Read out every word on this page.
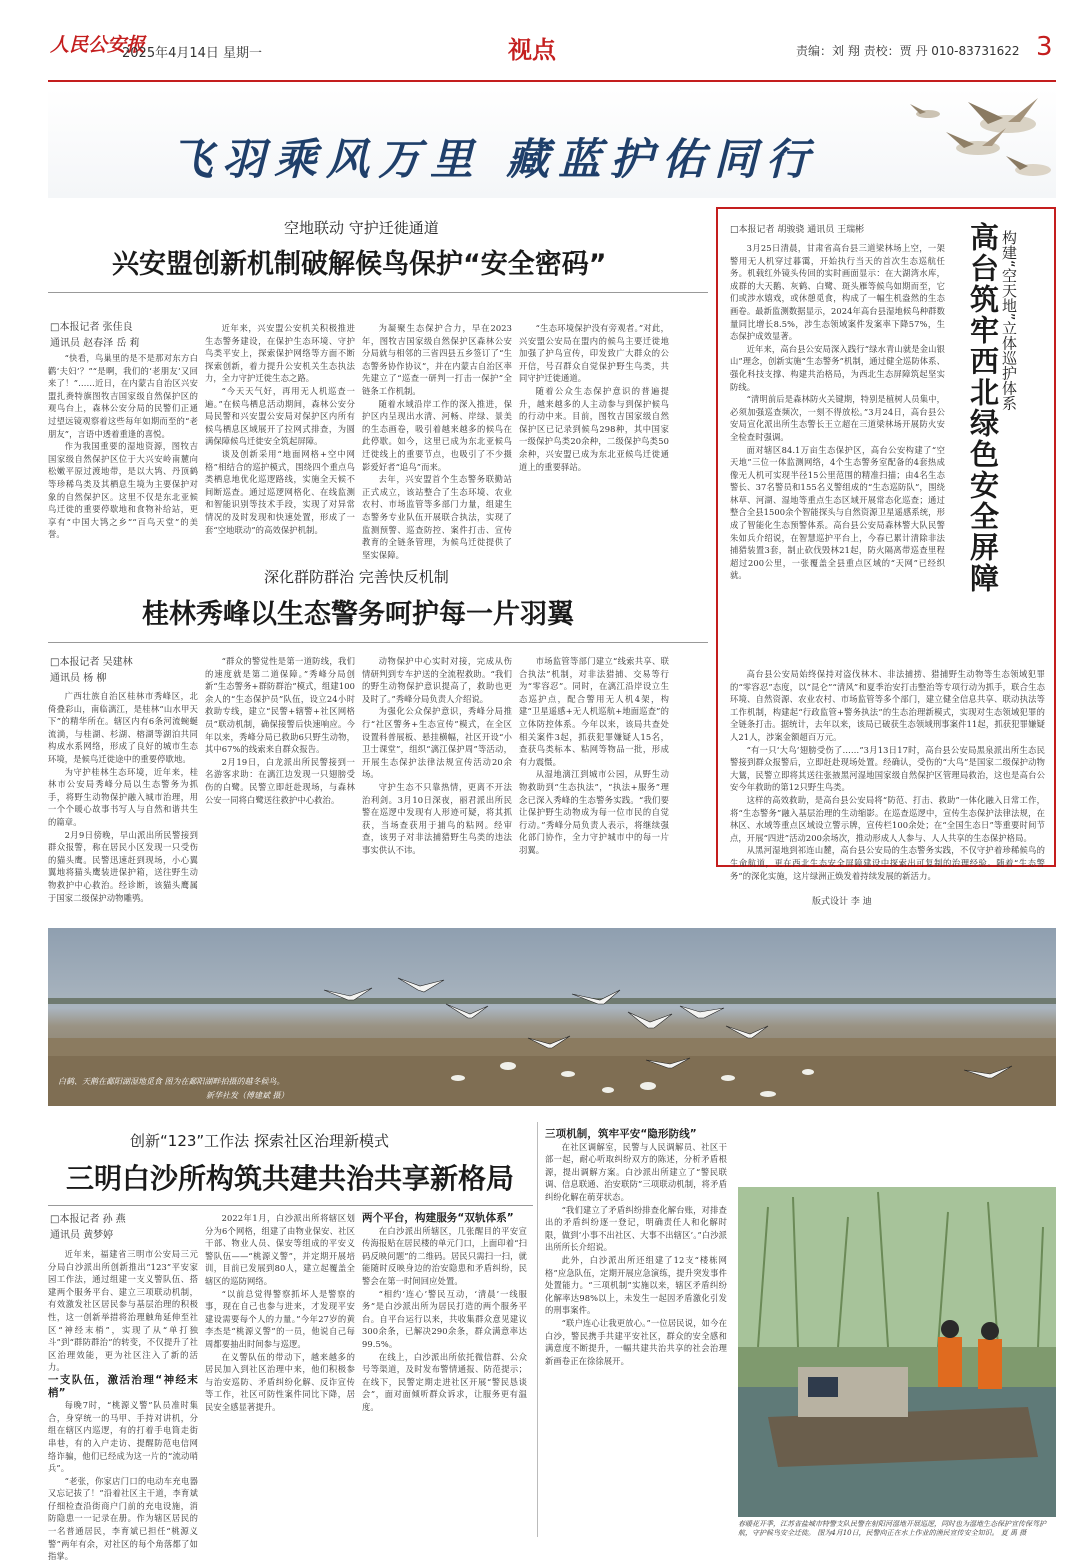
人民公安报
2025年4月14日 星期一	视点	责编：刘 翔 责校：贾 丹 010-83731622 3
飞羽乘风万里 藏蓝护佑同行
空地联动 守护迁徙通道
兴安盟创新机制破解候鸟保护“安全密码”
□本报记者 张佳良
通讯员 赵春泽 岳 莉

“快看，鸟巢里的是不是那对东方白鹳‘夫妇’？”“是啊，我们的‘老朋友’又回来了！”……近日，在内蒙古自治区兴安盟扎赉特旗图牧吉国家级自然保护区的观鸟台上，森林公安分局的民警们正通过望远镜观察着这些每年如期而至的“老朋友”，言语中透着重逢的喜悦。

作为我国重要的湿地资源，图牧吉国家级自然保护区位于大兴安岭南麓向松嫩平原过渡地带，是以大鸨、丹顶鹤等珍稀鸟类及其栖息生境为主要保护对象的自然保护区。这里不仅是东北亚候鸟迁徙的重要停歇地和食物补给站，更享有“中国大鸨之乡”“百鸟天堂”的美誉。

近年来，兴安盟公安机关积极推进生态警务建设，在保护生态环境、守护鸟类平安上，探索保护网络等方面不断探索创新，着力提升公安机关生态执法力，全力守护迁徙生态之路。

“今天天气好，再用无人机巡查一遍。”在候鸟栖息活动期间，森林公安分局民警和兴安盟公安局对保护区内所有候鸟栖息区域展开了拉网式排查，为圆满保障候鸟迁徙安全筑起屏障。

谈及创新采用“地面网格+空中网格”相结合的巡护模式，围绕四个重点鸟类栖息地优化巡逻路线，实施全天候不间断巡查。通过巡逻网格化、在线监测和智能识别等技术手段，实现了对异常情况的及时发现和快速处置，形成了一套“空地联动”的高效保护机制。

为凝聚生态保护合力，早在2023年，图牧吉国家级自然保护区森林公安分局就与相邻的三省四县五乡签订了“生态警务协作协议”，并在内蒙古自治区率先建立了“巡查一研判一打击一保护”全链条工作机制。

随着水域沿岸工作的深入推进，保护区内呈现出水清、河畅、岸绿、景美的生态画卷，吸引着越来越多的候鸟在此停歇。如今，这里已成为东北亚候鸟迁徙线上的重要节点，也吸引了不少摄影爱好者“追鸟”而来。

去年，兴安盟首个生态警务联勤站正式成立，该站整合了生态环境、农业农村、市场监管等多部门力量，组建生态警务专业队伍开展联合执法，实现了监测预警、巡查防控、案件打击、宣传教育的全链条管理，为候鸟迁徙提供了坚实保障。

“生态环境保护没有旁观者。”对此，兴安盟公安局在盟内的候鸟主要迁徙地加强了护鸟宣传，印发致广大群众的公开信，号召群众自觉保护野生鸟类，共同守护迁徙通道。

随着公众生态保护意识的普遍提升，越来越多的人主动参与到保护候鸟的行动中来。目前，图牧吉国家级自然保护区已记录到候鸟298种，其中国家一级保护鸟类20余种，二级保护鸟类50余种，兴安盟已成为东北亚候鸟迁徙通道上的重要驿站。

深化群防群治 完善快反机制
桂林秀峰以生态警务呵护每一片羽翼
□本报记者 吴建林
通讯员 杨 柳

广西壮族自治区桂林市秀峰区，北倚叠彩山，南临漓江，是桂林“山水甲天下”的精华所在。辖区内有6条河流蜿蜒流淌，与桂湖、杉湖、榕湖等湖泊共同构成水系网络，形成了良好的城市生态环境，是候鸟迁徙途中的重要停歇地。

为守护桂林生态环境，近年来，桂林市公安局秀峰分局以生态警务为抓手，将野生动物保护融入城市治理，用一个个暖心故事书写人与自然和谐共生的篇章。

2月9日傍晚，早山派出所民警接到群众报警，称在居民小区发现一只受伤的猫头鹰。民警迅速赶到现场，小心翼翼地将猫头鹰装进保护箱，送往野生动物救护中心救治。经诊断，该猫头鹰属于国家二级保护动物雕鸮。

“群众的警觉性是第一道防线，我们的速度就是第二道保障。”秀峰分局创新“生态警务+群防群治”模式，组建100余人的“生态保护员”队伍，设立24小时救助专线，建立“民警+辖警+社区网格员”联动机制，确保接警后快速响应。今年以来，秀峰分局已救助6只野生动物，其中67%的线索来自群众报告。

2月19日，白龙派出所民警接到一名游客求助：在漓江边发现一只翅膀受伤的白鹭。民警立即赶赴现场，与森林公安一同将白鹭送往救护中心救治。

动物保护中心实时对接，完成从伤情研判到专车护送的全流程救助。“我们的野生动物保护意识提高了，救助也更及时了。”秀峰分局负责人介绍说。

为强化公众保护意识，秀峰分局推行“社区警务+生态宣传”模式，在全区设置科普展板、悬挂横幅，社区开设“小卫士课堂”，组织“漓江保护周”等活动，开展生态保护法律法规宣传活动20余场。

守护生态不只靠热情，更离不开法治利剑。3月10日深夜，丽君派出所民警在巡逻中发现有人形迹可疑，将其抓获，当场查获用于捕鸟的粘网。经审查，该男子对非法捕猎野生鸟类的违法事实供认不讳。

市场监管等部门建立“线索共享、联合执法”机制，对非法猎捕、交易等行为“零容忍”。同时，在漓江沿岸设立生态巡护点，配合警用无人机4架，构建“卫星遥感+无人机巡航+地面巡查”的立体防控体系。今年以来，该局共查处相关案件3起，抓获犯罪嫌疑人15名，查获鸟类标本、粘网等物品一批，形成有力震慑。

从湿地漓江到城市公园，从野生动物救助到“生态执法”，“执法+服务”理念已深入秀峰的生态警务实践。“我们要让保护野生动物成为每一位市民的自觉行动。”秀峰分局负责人表示，将继续强化部门协作，全力守护城市中的每一片羽翼。

构建“空天地”立体巡护体系
高台筑牢西北绿色安全屏障
□本报记者 胡骏骁 通讯员 王瑞彬

3月25日清晨，甘肃省高台县三道梁林场上空，一架警用无人机穿过暮霭，开始执行当天的首次生态巡航任务。机载红外镜头传回的实时画面显示：在大湖湾水库，成群的大天鹅、灰鹤、白鹭、斑头雁等候鸟如期而至，它们或涉水嬉戏，或休憩觅食，构成了一幅生机盎然的生态画卷。最新监测数据显示，2024年高台县湿地候鸟种群数量同比增长8.5%，涉生态领域案件发案率下降57%，生态保护成效显著。

近年来，高台县公安局深入践行“绿水青山就是金山银山”理念，创新实施“生态警务”机制，通过健全巡防体系、强化科技支撑、构建共治格局，为西北生态屏障筑起坚实防线。

“清明前后是森林防火关键期，特别是植树人员集中，必须加强巡查频次，一刻不得放松。”3月24日，高台县公安局宣化派出所生态警长王立超在三道梁林场开展防火安全检查时强调。

面对辖区84.1万亩生态保护区，高台公安构建了“空天地”三位一体监测网络，4个生态警务室配备的4套热成像无人机可实现半径15公里范围的精准扫描；由4名生态警长、37名警员和155名义警组成的“生态巡防队”，围绕林草、河湖、湿地等重点生态区域开展常态化巡查；通过整合全县1500余个智能探头与自然资源卫星遥感系统，形成了智能化生态预警体系。高台县公安局森林警大队民警朱如兵介绍说，在智慧巡护平台上，今春已累计清除非法捕猎装置3套，制止砍伐毁林21起，防火隔离带巡查里程超过200公里，一张覆盖全县重点区域的“天网”已经织就。

高台县公安局始终保持对盗伐林木、非法捕捞、猎捕野生动物等生态领域犯罪的“零容忍”态度，以“昆仑”“清风”和夏季治安打击整治等专项行动为抓手，联合生态环境、自然资源、农业农村、市场监管等多个部门，建立健全信息共享、联动执法等工作机制，构建起“行政监管+警务执法”的生态治理新模式，实现对生态领域犯罪的全链条打击。据统计，去年以来，该局已破获生态领域刑事案件11起，抓获犯罪嫌疑人21人，涉案金额超百万元。

“有一只‘大鸟’翅膀受伤了……”3月13日17时，高台县公安局黑泉派出所生态民警接到群众报警后，立即赶赴现场处置。经确认，受伤的“大鸟”是国家二级保护动物大鵟，民警立即将其送往张掖黑河湿地国家级自然保护区管理局救治，这也是高台公安今年救助的第12只野生鸟类。

这样的高效救助，是高台县公安局将“防范、打击、救助”一体化融入日常工作，将“生态警务”融入基层治理的生动缩影。在巡查巡逻中，宣传生态保护法律法规，在林区、水域等重点区域设立警示牌，宣传栏100余处；在“全国生态日”等重要时间节点，开展“四进”活动200余场次，推动形成人人参与、人人共享的生态保护格局。

从黑河湿地到祁连山麓，高台县公安局的生态警务实践，不仅守护着珍稀候鸟的生命航道，更在西北生态安全屏障建设中探索出可复制的治理经验。随着“生态警务”的深化实施，这片绿洲正焕发着持续发展的新活力。

版式设计 李 迪
白鹤、天鹅在鄱阳湖湿地觅食 图为在鄱阳湖畔拍摄的越冬候鸟。
新华社发（傅建斌 摄）
创新“123”工作法 探索社区治理新模式
三明白沙所构筑共建共治共享新格局
□本报记者 孙 燕
通讯员 黄梦婷

近年来，福建省三明市公安局三元分局白沙派出所创新推出“123”平安家园工作法，通过组建一支义警队伍、搭建两个服务平台、建立三项联动机制，有效激发社区居民参与基层治理的积极性，这一创新举措将治理触角延伸至社区“神经末梢”，实现了从“单打独斗”到“群防群治”的转变，不仅提升了社区治理效能，更为社区注入了新的活力。

一支队伍，激活治理“神经末梢”

每晚7时，“桃源义警”队员准时集合，身穿统一的马甲、手持对讲机，分组在辖区内巡逻，有的打着手电筒走街串巷，有的入户走访、提醒防范电信网络诈骗，他们已经成为这一片的“流动哨兵”。

“老张，你家店门口的电动车充电器又忘记拔了！”沿着社区主干道，李育斌仔细检查沿街商户门前的充电设施，消防隐患一一记录在册。作为辖区居民的一名普通居民，李育斌已担任“桃源义警”两年有余，对社区的每个角落都了如指掌。

2022年1月，白沙派出所将辖区划分为6个网格，组建了由物业保安、社区干部、物业人员、保安等组成的平安义警队伍——“桃源义警”，并定期开展培训，目前已发展到80人，建立起覆盖全辖区的巡防网络。

“以前总觉得警察抓坏人是警察的事，现在自己也参与进来，才发现平安建设需要每个人的力量。”今年27岁的黄李杰是“桃源义警”的一员，他说自己每周都要抽出时间参与巡逻。

在义警队伍的带动下，越来越多的居民加入到社区治理中来，他们积极参与治安巡防、矛盾纠纷化解、反诈宣传等工作，社区可防性案件同比下降，居民安全感显著提升。

两个平台，构建服务“双轨体系”

在白沙派出所辖区，几张醒目的平安宣传海报贴在居民楼的单元门口，上面印着“扫码反映问题”的二维码。居民只需扫一扫，就能随时反映身边的治安隐患和矛盾纠纷，民警会在第一时间回应处置。

“相约‘连心’警民互动，‘清晨’一线服务”是白沙派出所为居民打造的两个服务平台。自平台运行以来，共收集群众意见建议300余条，已解决290余条，群众满意率达99.5%。

在线上，白沙派出所依托微信群、公众号等渠道，及时发布警情通报、防范提示；在线下，民警定期走进社区开展“警民恳谈会”，面对面倾听群众诉求，让服务更有温度。

三项机制，筑牢平安“隐形防线”

在社区调解室，民警与人民调解员、社区干部一起，耐心听取纠纷双方的陈述，分析矛盾根源，提出调解方案。白沙派出所建立了“警民联调、信息联通、治安联防”三项联动机制，将矛盾纠纷化解在萌芽状态。

“我们建立了矛盾纠纷排查化解台账，对排查出的矛盾纠纷逐一登记，明确责任人和化解时限，做到‘小事不出社区、大事不出辖区’。”白沙派出所所长介绍说。

此外，白沙派出所还组建了12支“楼栋网格”应急队伍，定期开展应急演练，提升突发事件处置能力。“三项机制”实施以来，辖区矛盾纠纷化解率达98%以上，未发生一起因矛盾激化引发的刑事案件。

“联户连心让我更放心。”一位居民说，如今在白沙，警民携手共建平安社区，群众的安全感和满意度不断提升，一幅共建共治共享的社会治理新画卷正在徐徐展开。

春暖花开季，江苏省盐城市特警支队民警在射阳河湿地开展巡逻，同时也为湿地生态保护宣传保驾护航，守护候鸟安全迁徙。 图为4月10日，民警向正在水上作业的渔民宣传安全知识。 夏 禹 摄
